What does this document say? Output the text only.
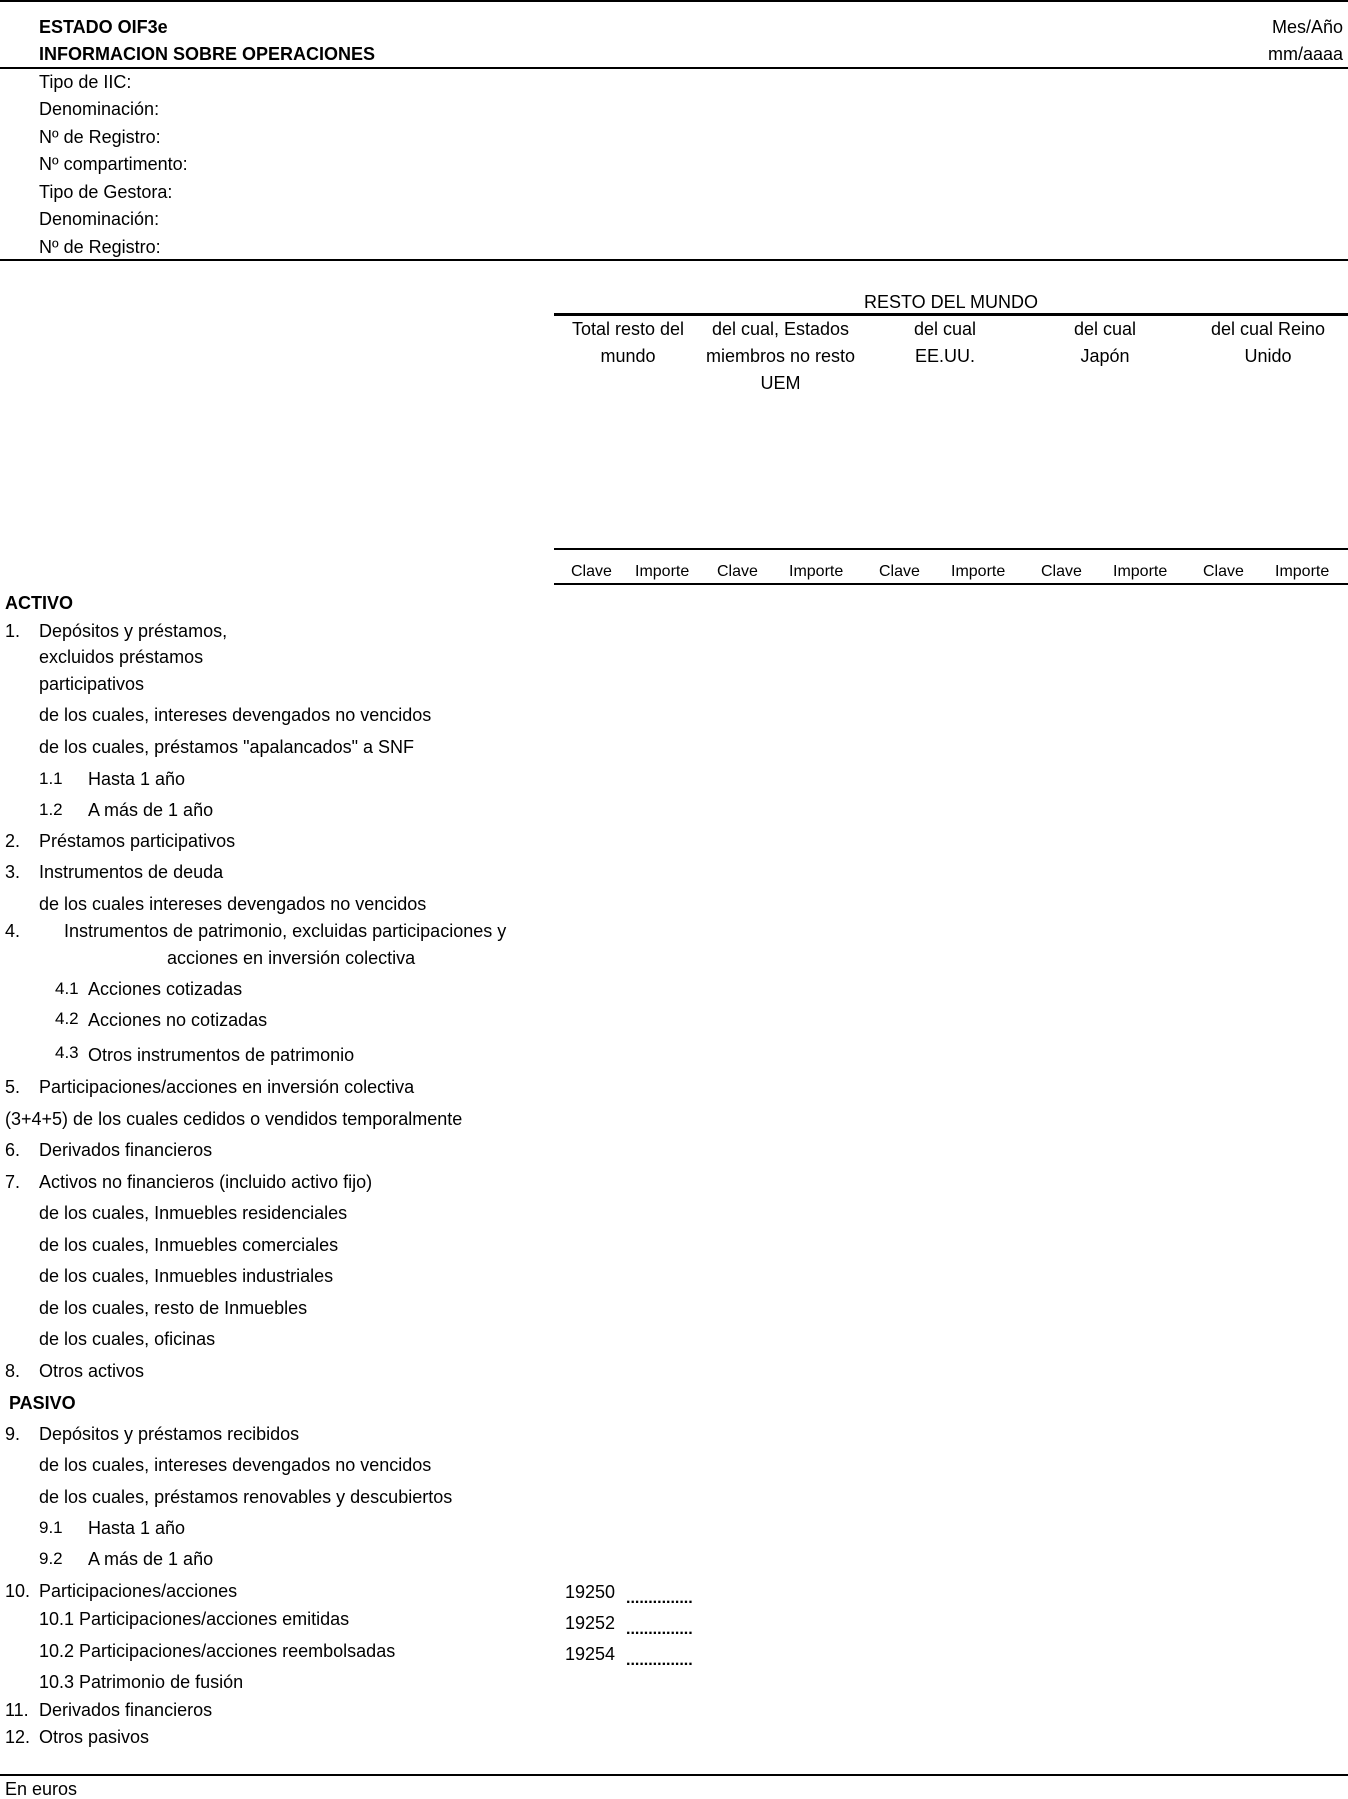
ESTADO OIF3e
INFORMACION SOBRE OPERACIONES
Mes/Año
mm/aaaa
Tipo de IIC:
Denominación:
Nº de Registro:
Nº compartimento:
Tipo de Gestora:
Denominación:
Nº de Registro:
RESTO DEL MUNDO
Total resto del mundo
del cual, Estados miembros no resto UEM
del cual EE.UU.
del cual Japón
del cual Reino Unido
Clave Importe Clave Importe Clave Importe Clave Importe Clave Importe
ACTIVO
PASIVO
1.
1.1
1.2
2.
3.
4.
4.1
4.2
4.3
5.
6.
7.
8.
9.
9.1
9.2
10.
11.
12.
Depósitos y préstamos,
excluidos préstamos
participativos
de los cuales, intereses devengados no vencidos
de los cuales, préstamos "apalancados" a SNF
Hasta 1 año
A más de 1 año
Préstamos participativos
Instrumentos de deuda
de los cuales intereses devengados no vencidos
Instrumentos de patrimonio, excluidas participaciones y
acciones en inversión colectiva
Acciones cotizadas
Acciones no cotizadas
Otros instrumentos de patrimonio
Participaciones/acciones en inversión colectiva
(3+4+5) de los cuales cedidos o vendidos temporalmente
Derivados financieros
Activos no financieros (incluido activo fijo)
de los cuales, Inmuebles residenciales
de los cuales, Inmuebles comerciales
de los cuales, Inmuebles industriales
de los cuales, resto de Inmuebles
de los cuales, oficinas
Otros activos
Depósitos y préstamos recibidos
de los cuales, intereses devengados no vencidos
de los cuales, préstamos renovables y descubiertos
Hasta 1 año
A más de 1 año
Participaciones/acciones
10.1 Participaciones/acciones emitidas
10.2 Participaciones/acciones reembolsadas
10.3 Patrimonio de fusión
Derivados financieros
Otros pasivos
19250 ...............
19252 ...............
19254 ...............
En euros
